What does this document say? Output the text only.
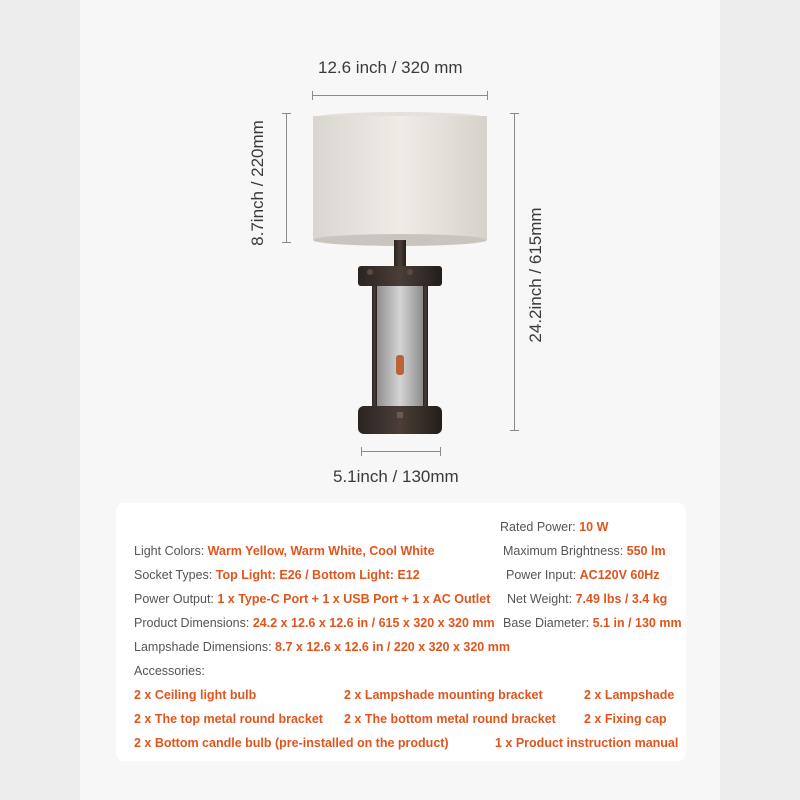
12.6 inch / 320 mm
8.7inch / 220mm
24.2inch / 615mm
5.1inch / 130mm
Rated Power: 10 W
Maximum Brightness: 550 lm
Power Input: AC120V 60Hz
Net Weight: 7.49 lbs / 3.4 kg
Base Diameter: 5.1 in / 130 mm
Light Colors: Warm Yellow, Warm White, Cool White
Socket Types: Top Light: E26 / Bottom Light: E12
Power Output: 1 x Type-C Port + 1 x USB Port + 1 x AC Outlet
Product Dimensions: 24.2 x 12.6 x 12.6 in / 615 x 320 x 320 mm
Lampshade Dimensions: 8.7 x 12.6 x 12.6 in / 220 x 320 x 320 mm
Accessories:
2 x Ceiling light bulb	2 x Lampshade mounting bracket	2 x Lampshade
2 x The top metal round bracket 2 x The bottom metal round bracket 2 x Fixing cap
2 x Bottom candle bulb (pre-installed on the product)	1 x Product instruction manual
